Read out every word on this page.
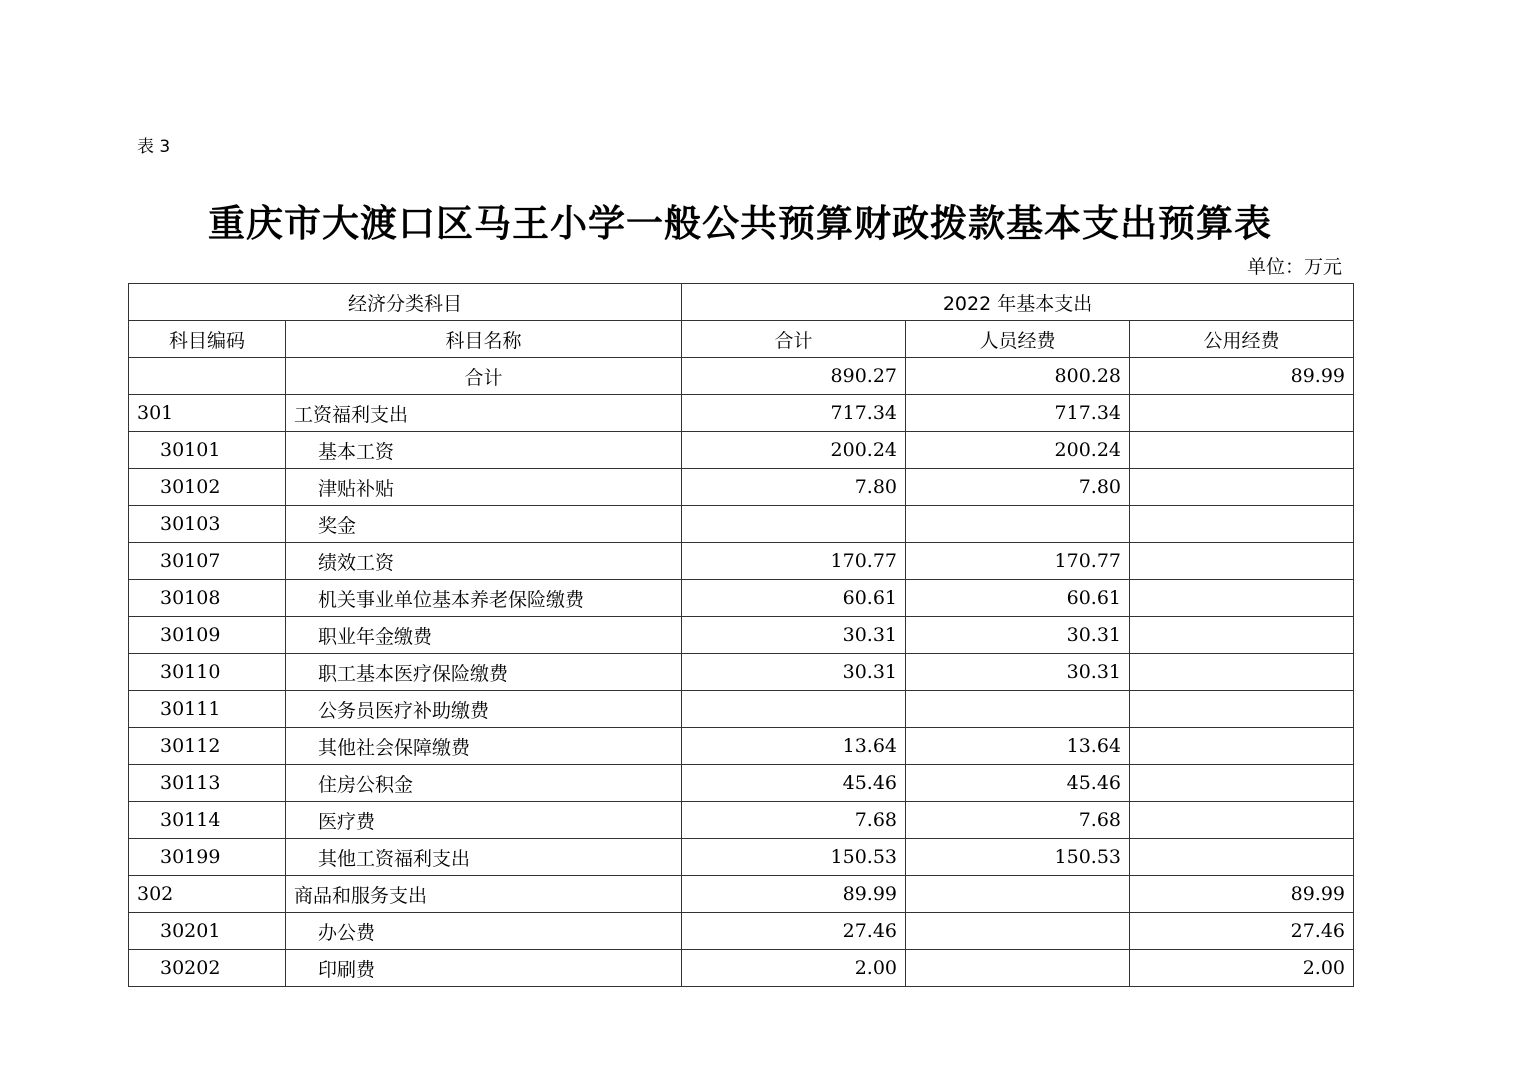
表 3
重庆市大渡口区马王小学一般公共预算财政拨款基本支出预算表
单位：万元
经济分类科目		2022 年基本支出		
科目编码	科目名称	合计	人员经费	公用经费
	合计	890.27	800.28	89.99
301	工资福利支出	717.34	717.34	
30101	基本工资	200.24	200.24	
30102	津贴补贴	7.80	7.80	
30103	奖金			
30107	绩效工资	170.77	170.77	
30108	机关事业单位基本养老保险缴费	60.61	60.61	
30109	职业年金缴费	30.31	30.31	
30110	职工基本医疗保险缴费	30.31	30.31	
30111	公务员医疗补助缴费			
30112	其他社会保障缴费	13.64	13.64	
30113	住房公积金	45.46	45.46	
30114	医疗费	7.68	7.68	
30199	其他工资福利支出	150.53	150.53	
302	商品和服务支出	89.99		89.99
30201	办公费	27.46		27.46
30202	印刷费	2.00		2.00
